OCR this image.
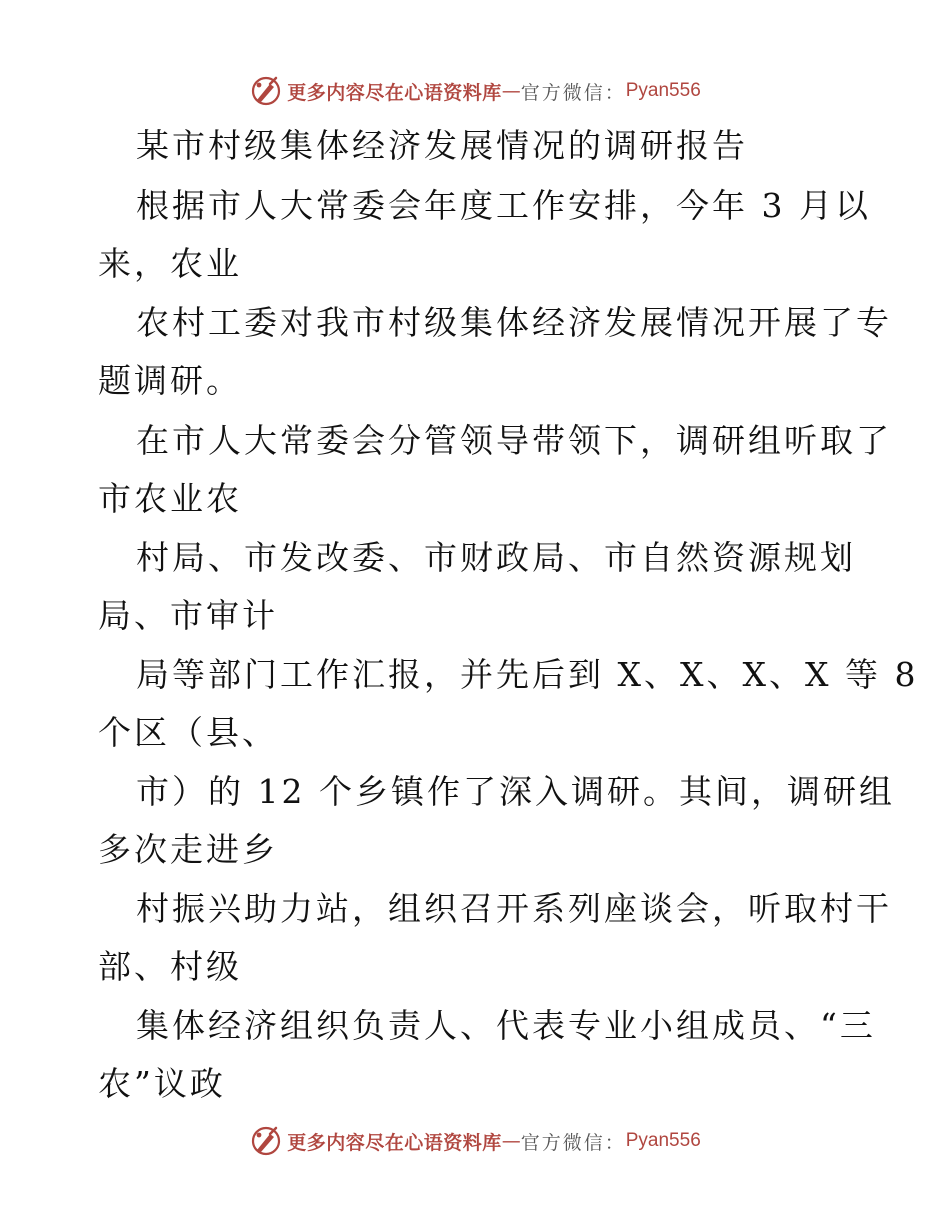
更多内容尽在心语资料库 — 官方微信： Pyan556
某市村级集体经济发展情况的调研报告
根据市人大常委会年度工作安排，今年 3 月以
来，农业
农村工委对我市村级集体经济发展情况开展了专
题调研。
在市人大常委会分管领导带领下，调研组听取了
市农业农
村局、市发改委、市财政局、市自然资源规划
局、市审计
局等部门工作汇报，并先后到 X、X、X、X 等 8
个区（县、
市）的 12 个乡镇作了深入调研。其间，调研组
多次走进乡
村振兴助力站，组织召开系列座谈会，听取村干
部、村级
集体经济组织负责人、代表专业小组成员、“三
农”议政
更多内容尽在心语资料库 — 官方微信： Pyan556
